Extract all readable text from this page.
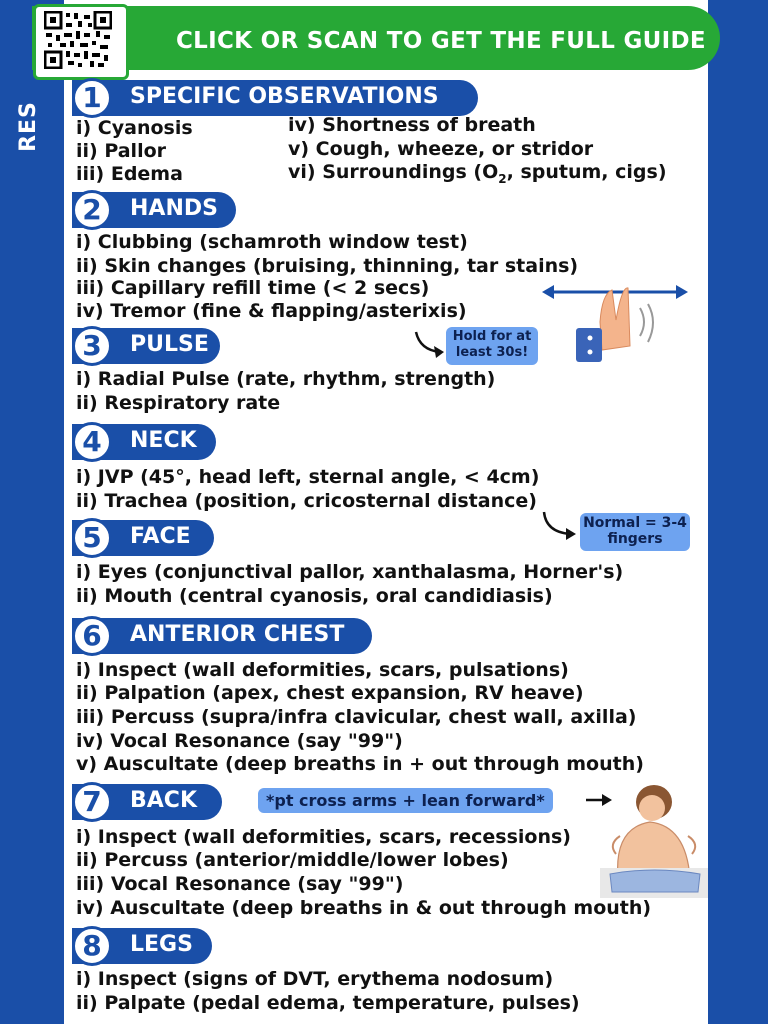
RES
CLICK OR SCAN TO GET THE FULL GUIDE
1	SPECIFIC OBSERVATIONS
i) Cyanosis
ii) Pallor
iii) Edema
iv) Shortness of breath
v) Cough, wheeze, or stridor
vi) Surroundings ($O_2$, sputum, cigs)
2	HANDS
i) Clubbing (schamroth window test)
ii) Skin changes (bruising, thinning, tar stains)
iii) Capillary refill time (< 2 secs)
iv) Tremor (fine & flapping/asterixis)
Hold for at least 30s!
3	PULSE
i) Radial Pulse (rate, rhythm, strength)
ii) Respiratory rate
4	NECK
i) JVP (45°, head left, sternal angle, < 4cm)
ii) Trachea (position, cricosternal distance)
Normal = 3-4 fingers
5	FACE
i) Eyes (conjunctival pallor, xanthalasma, Horner's)
ii) Mouth (central cyanosis, oral candidiasis)
6	ANTERIOR CHEST
i) Inspect (wall deformities, scars, pulsations)
ii) Palpation (apex, chest expansion, RV heave)
iii) Percuss (supra/infra clavicular, chest wall, axilla)
iv) Vocal Resonance (say "99")
v) Auscultate (deep breaths in + out through mouth)
7	BACK	*pt cross arms + lean forward*
i) Inspect (wall deformities, scars, recessions)
ii) Percuss (anterior/middle/lower lobes)
iii) Vocal Resonance (say "99")
iv) Auscultate (deep breaths in & out through mouth)
8	LEGS
i) Inspect (signs of DVT, erythema nodosum)
ii) Palpate (pedal edema, temperature, pulses)
